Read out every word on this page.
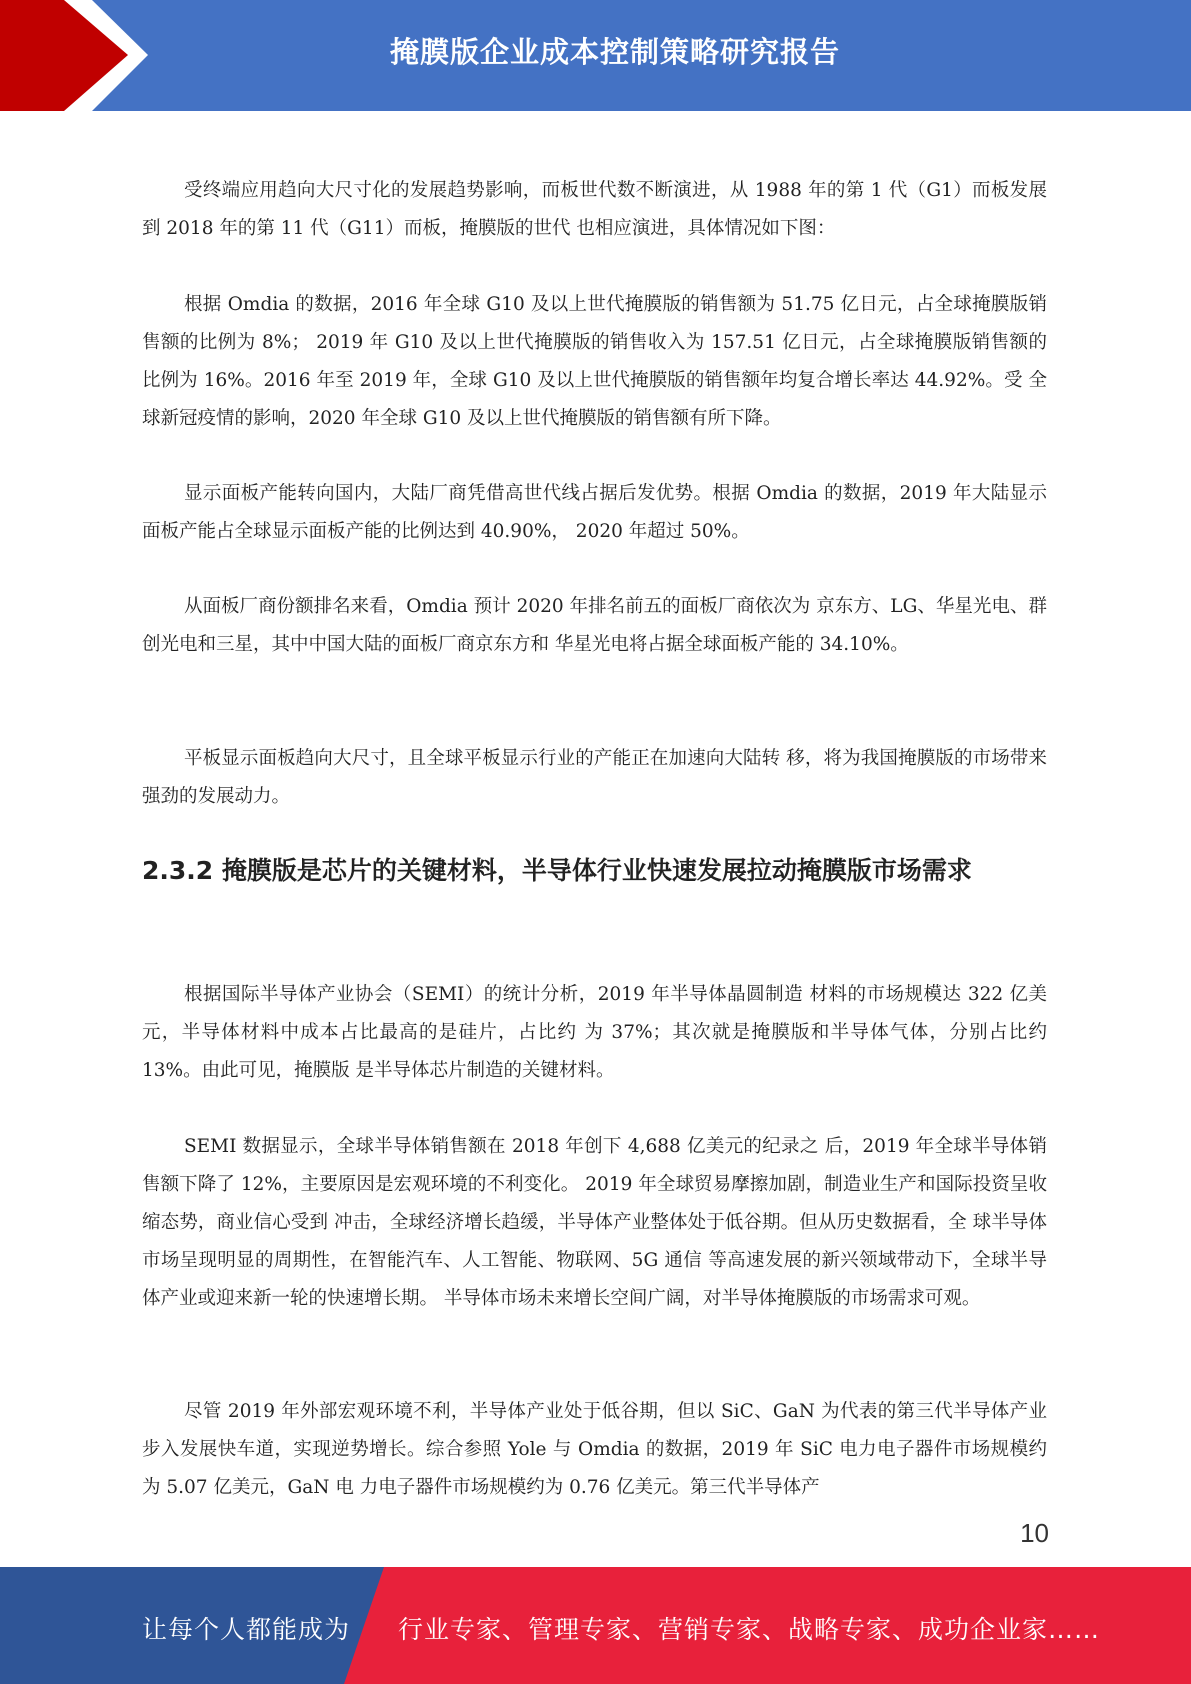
掩膜版企业成本控制策略研究报告

受终端应用趋向大尺寸化的发展趋势影响，而板世代数不断演进，从 1988 年的第 1 代（G1）而板发展到 2018 年的第 11 代（G11）而板，掩膜版的世代 也相应演进，具体情况如下图：

根据 Omdia 的数据，2016 年全球 G10 及以上世代掩膜版的销售额为 51.75 亿日元，占全球掩膜版销售额的比例为 8%； 2019 年 G10 及以上世代掩膜版的销售收入为 157.51 亿日元，占全球掩膜版销售额的比例为 16%。2016 年至 2019 年，全球 G10 及以上世代掩膜版的销售额年均复合增长率达 44.92%。受 全球新冠疫情的影响，2020 年全球 G10 及以上世代掩膜版的销售额有所下降。

显示面板产能转向国内，大陆厂商凭借高世代线占据后发优势。根据 Omdia 的数据，2019 年大陆显示面板产能占全球显示面板产能的比例达到 40.90%， 2020 年超过 50%。

从面板厂商份额排名来看，Omdia 预计 2020 年排名前五的面板厂商依次为 京东方、LG、华星光电、群创光电和三星，其中中国大陆的面板厂商京东方和 华星光电将占据全球面板产能的 34.10%。

平板显示面板趋向大尺寸，且全球平板显示行业的产能正在加速向大陆转 移，将为我国掩膜版的市场带来强劲的发展动力。

2.3.2 掩膜版是芯片的关键材料，半导体行业快速发展拉动掩膜版市场需求

根据国际半导体产业协会（SEMI）的统计分析，2019 年半导体晶圆制造 材料的市场规模达 322 亿美元，半导体材料中成本占比最高的是硅片，占比约 为 37%；其次就是掩膜版和半导体气体，分别占比约 13%。由此可见，掩膜版 是半导体芯片制造的关键材料。

SEMI 数据显示，全球半导体销售额在 2018 年创下 4,688 亿美元的纪录之 后，2019 年全球半导体销售额下降了 12%，主要原因是宏观环境的不利变化。 2019 年全球贸易摩擦加剧，制造业生产和国际投资呈收缩态势，商业信心受到 冲击，全球经济增长趋缓，半导体产业整体处于低谷期。但从历史数据看，全 球半导体市场呈现明显的周期性，在智能汽车、人工智能、物联网、5G 通信 等高速发展的新兴领域带动下，全球半导体产业或迎来新一轮的快速增长期。 半导体市场未来增长空间广阔，对半导体掩膜版的市场需求可观。

尽管 2019 年外部宏观环境不利，半导体产业处于低谷期，但以 SiC、GaN 为代表的第三代半导体产业步入发展快车道，实现逆势增长。综合参照 Yole 与 Omdia 的数据，2019 年 SiC 电力电子器件市场规模约为 5.07 亿美元，GaN 电 力电子器件市场规模约为 0.76 亿美元。第三代半导体产

10
让每个人都能成为 行业专家、管理专家、营销专家、战略专家、成功企业家……
